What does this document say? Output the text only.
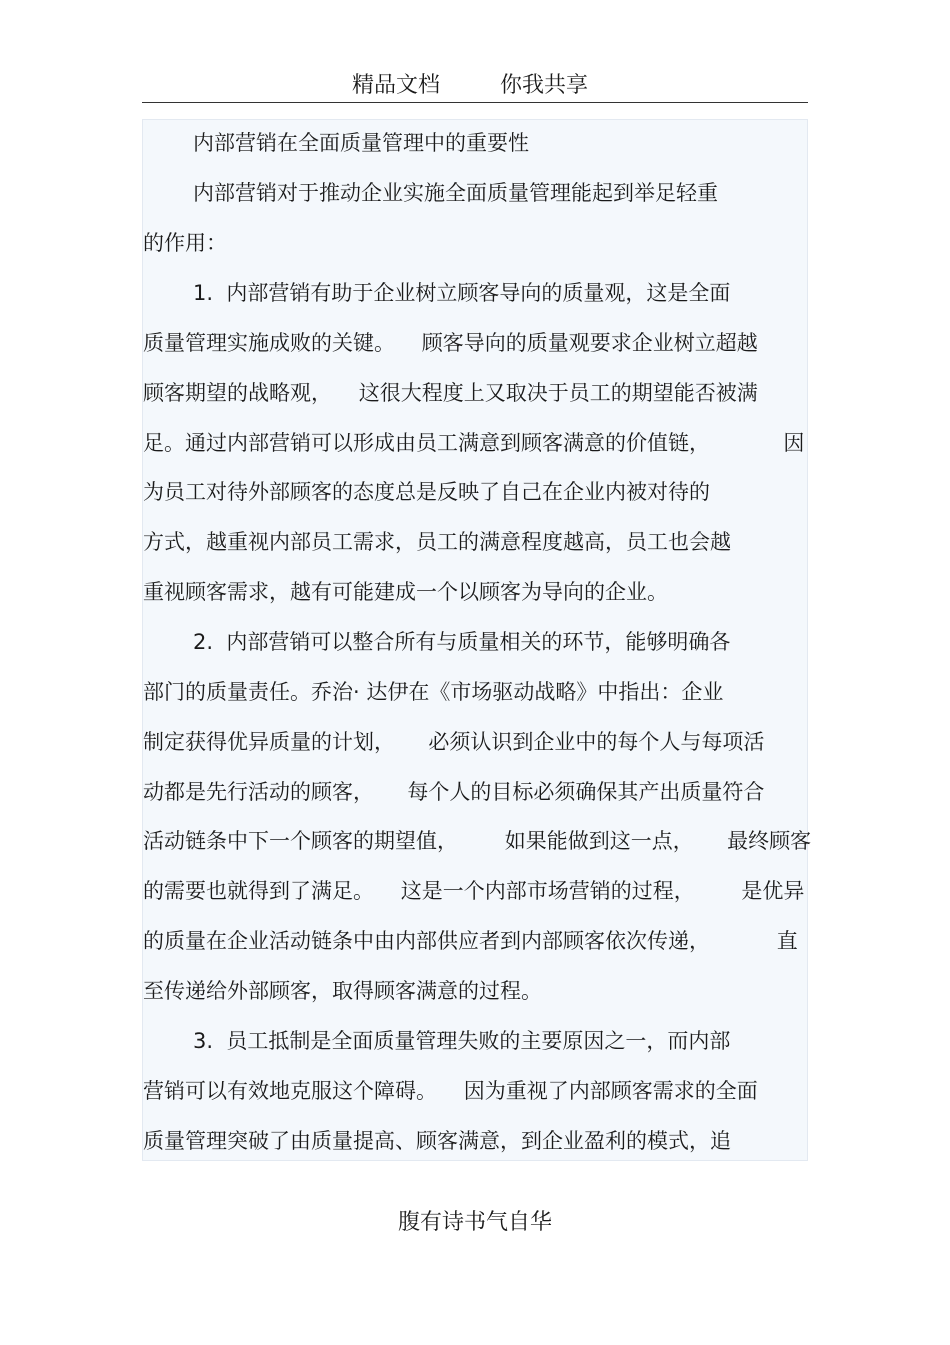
精品文档	你我共享
内部营销在全面质量管理中的重要性
内部营销对于推动企业实施全面质量管理能起到举足轻重
的作用：
1.  内部营销有助于企业树立顾客导向的质量观，这是全面
质量管理实施成败的关键。    顾客导向的质量观要求企业树立超越
顾客期望的战略观，    这很大程度上又取决于员工的期望能否被满
足。通过内部营销可以形成由员工满意到顾客满意的价值链，           因
为员工对待外部顾客的态度总是反映了自己在企业内被对待的
方式，越重视内部员工需求，员工的满意程度越高，员工也会越
重视顾客需求，越有可能建成一个以顾客为导向的企业。
2.  内部营销可以整合所有与质量相关的环节，能够明确各
部门的质量责任。乔治· 达伊在《市场驱动战略》中指出：企业
制定获得优异质量的计划，     必须认识到企业中的每个人与每项活
动都是先行活动的顾客，     每个人的目标必须确保其产出质量符合
活动链条中下一个顾客的期望值，       如果能做到这一点，     最终顾客
的需要也就得到了满足。    这是一个内部市场营销的过程，       是优异
的质量在企业活动链条中由内部供应者到内部顾客依次传递，          直
至传递给外部顾客，取得顾客满意的过程。
3.  员工抵制是全面质量管理失败的主要原因之一，而内部
营销可以有效地克服这个障碍。    因为重视了内部顾客需求的全面
质量管理突破了由质量提高、顾客满意，到企业盈利的模式，追
腹有诗书气自华
